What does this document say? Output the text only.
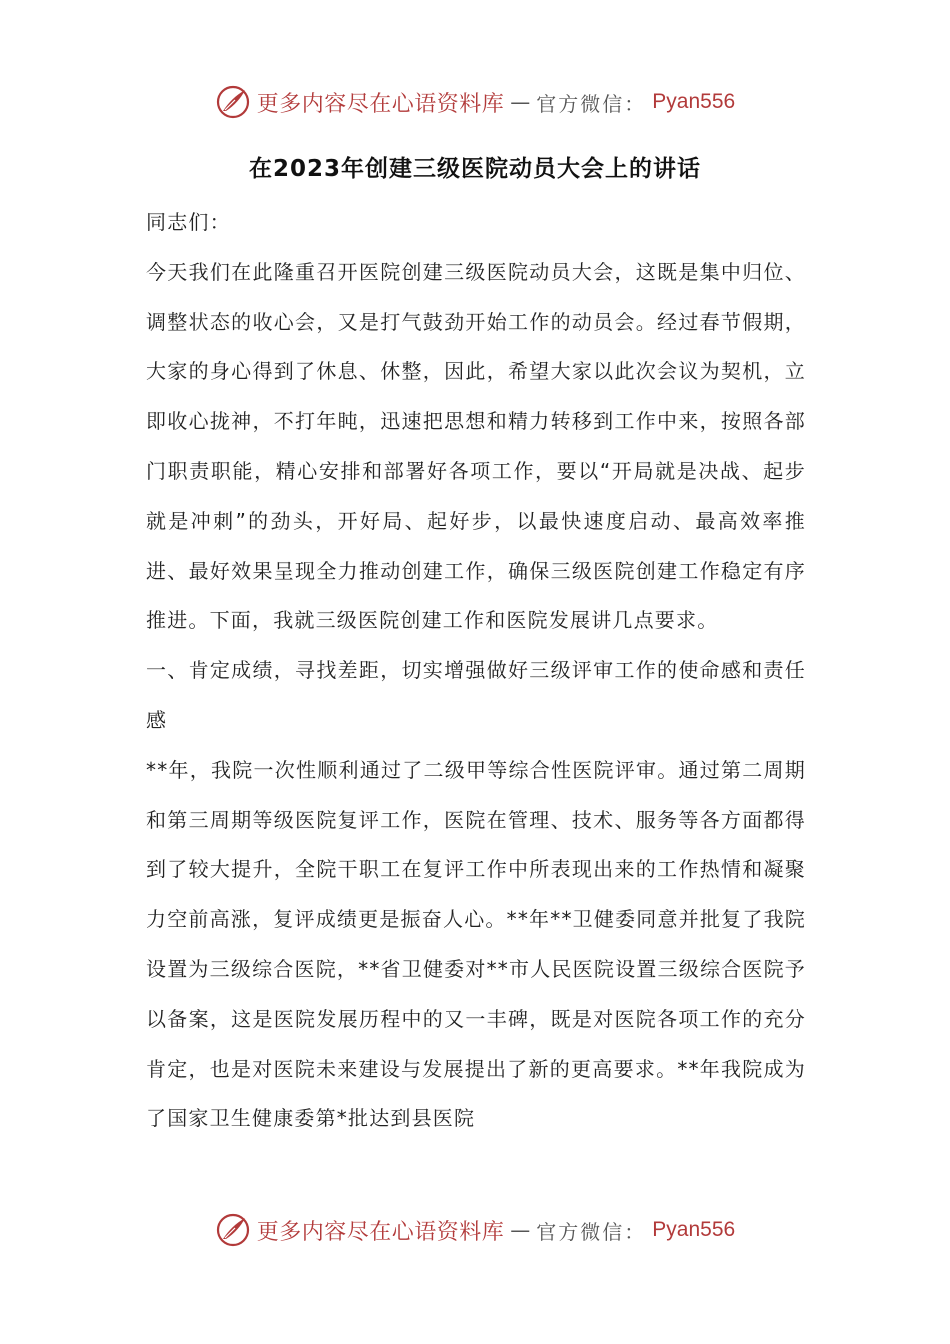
更多内容尽在心语资料库 — 官方微信： Pyan556
在2023年创建三级医院动员大会上的讲话

同志们：

今天我们在此隆重召开医院创建三级医院动员大会，这既是集中归位、调整状态的收心会，又是打气鼓劲开始工作的动员会。经过春节假期，大家的身心得到了休息、休整，因此，希望大家以此次会议为契机，立即收心拢神，不打年盹，迅速把思想和精力转移到工作中来，按照各部门职责职能，精心安排和部署好各项工作，要以“开局就是决战、起步就是冲刺”的劲头，开好局、起好步，以最快速度启动、最高效率推进、最好效果呈现全力推动创建工作，确保三级医院创建工作稳定有序推进。下面，我就三级医院创建工作和医院发展讲几点要求。

一、肯定成绩，寻找差距，切实增强做好三级评审工作的使命感和责任感

**年，我院一次性顺利通过了二级甲等综合性医院评审。通过第二周期和第三周期等级医院复评工作，医院在管理、技术、服务等各方面都得到了较大提升，全院干职工在复评工作中所表现出来的工作热情和凝聚力空前高涨，复评成绩更是振奋人心。**年**卫健委同意并批复了我院设置为三级综合医院，**省卫健委对**市人民医院设置三级综合医院予以备案，这是医院发展历程中的又一丰碑，既是对医院各项工作的充分肯定，也是对医院未来建设与发展提出了新的更高要求。**年我院成为了国家卫生健康委第*批达到县医院

更多内容尽在心语资料库 — 官方微信： Pyan556
